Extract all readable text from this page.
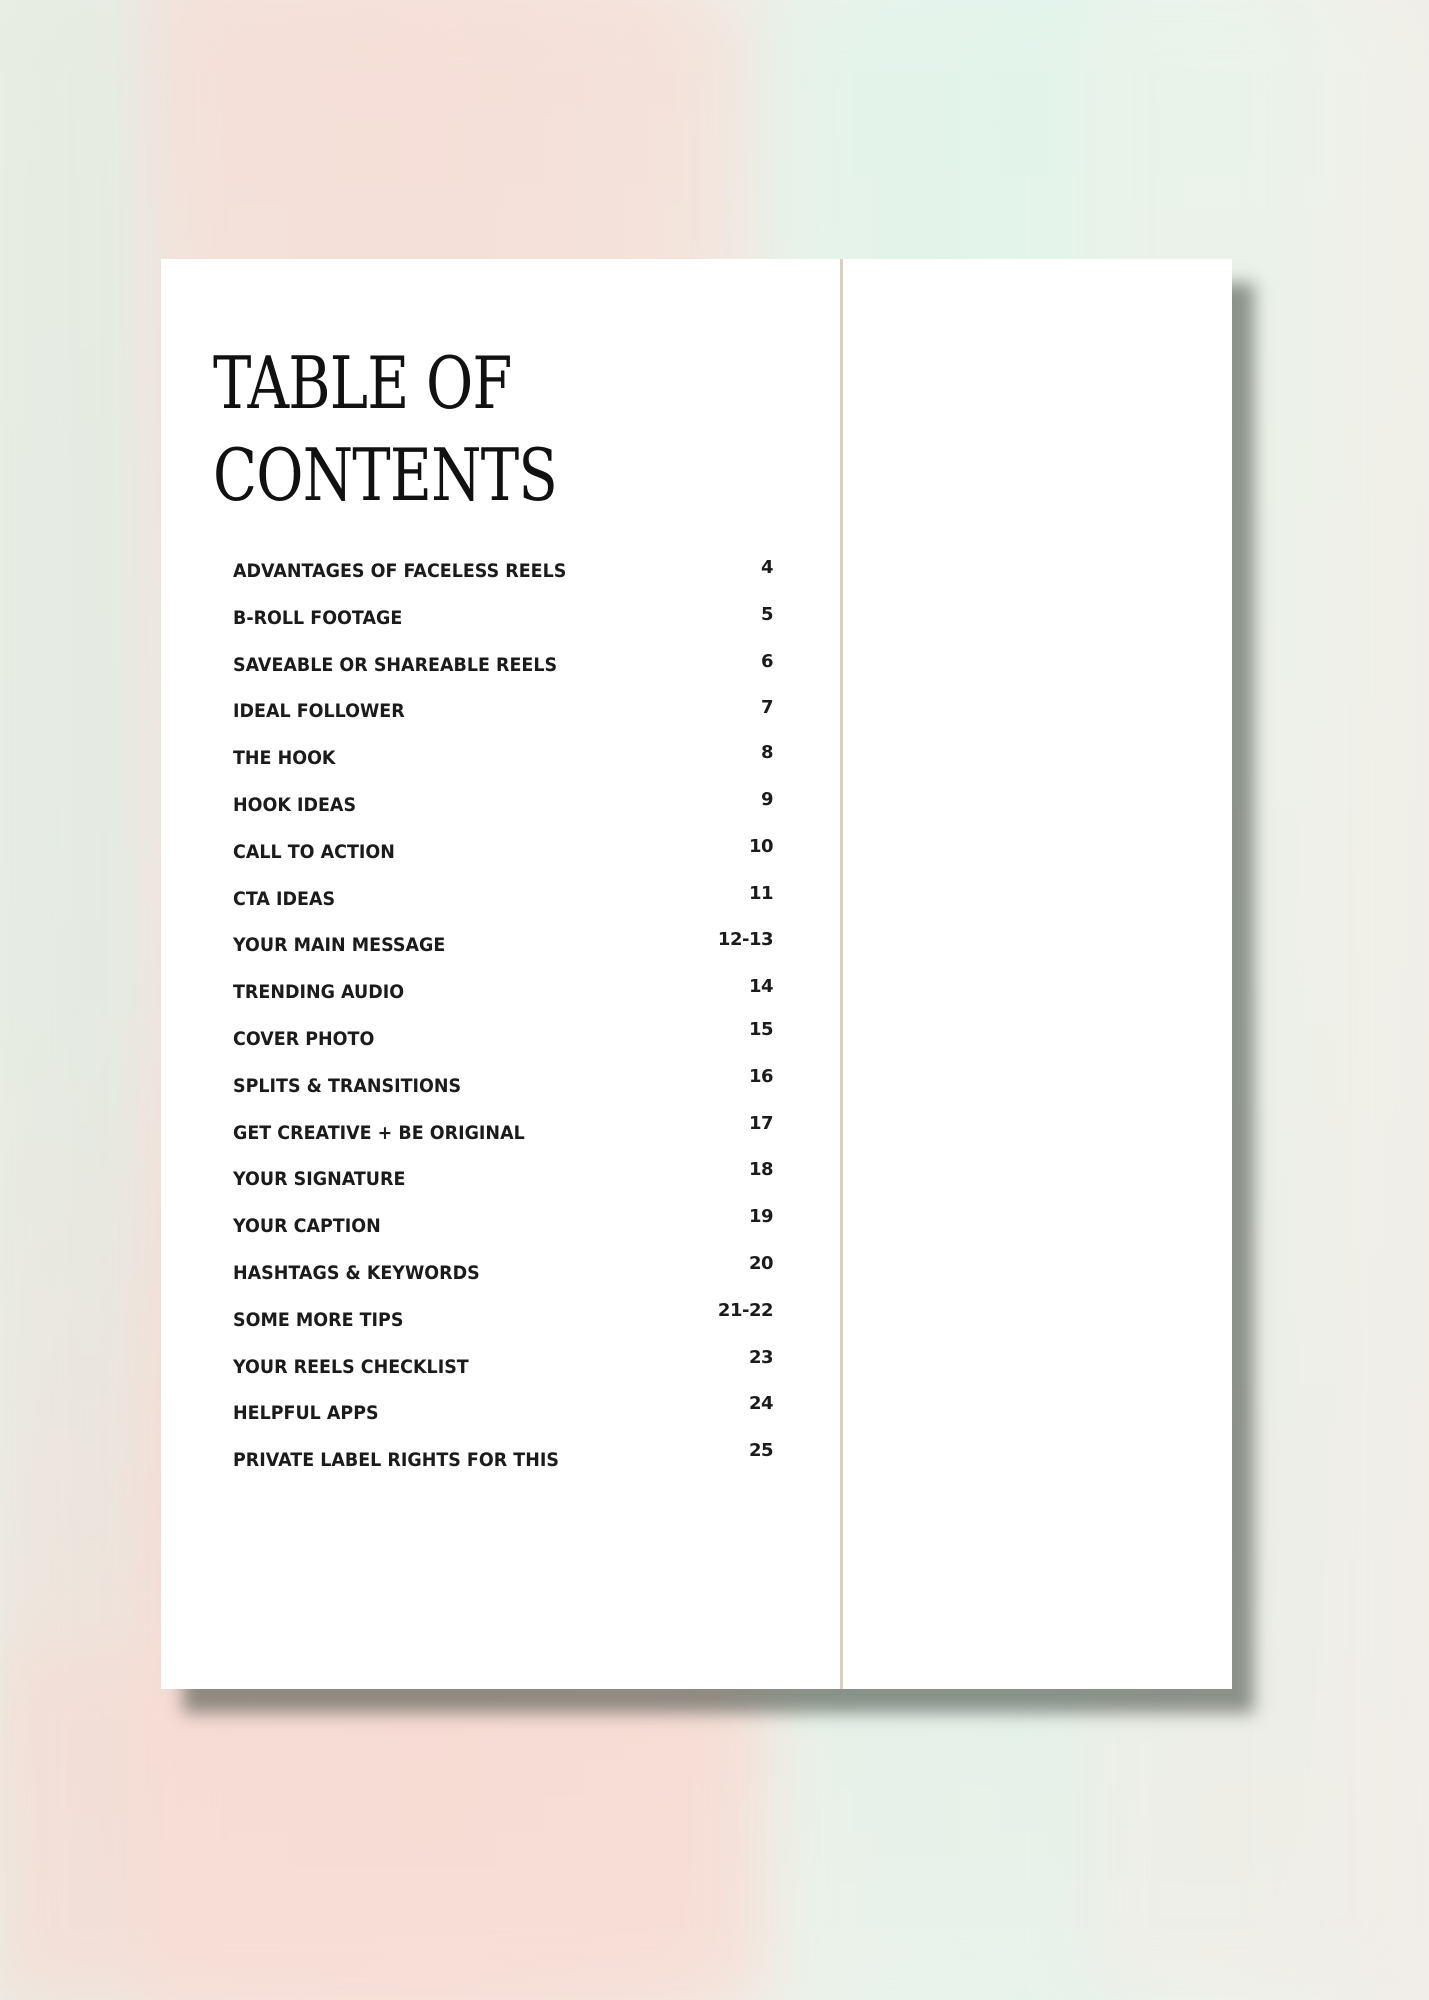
TABLE OF
CONTENTS
ADVANTAGES OF FACELESS REELS	4
B-ROLL FOOTAGE	5
SAVEABLE OR SHAREABLE REELS	6
IDEAL FOLLOWER	7
THE HOOK	8
HOOK IDEAS	9
CALL TO ACTION	10
CTA IDEAS	11
YOUR MAIN MESSAGE	12-13
TRENDING AUDIO	14
COVER PHOTO	15
SPLITS & TRANSITIONS	16
GET CREATIVE + BE ORIGINAL	17
YOUR SIGNATURE	18
YOUR CAPTION	19
HASHTAGS & KEYWORDS	20
SOME MORE TIPS	21-22
YOUR REELS CHECKLIST	23
HELPFUL APPS	24
PRIVATE LABEL RIGHTS FOR THIS	25
